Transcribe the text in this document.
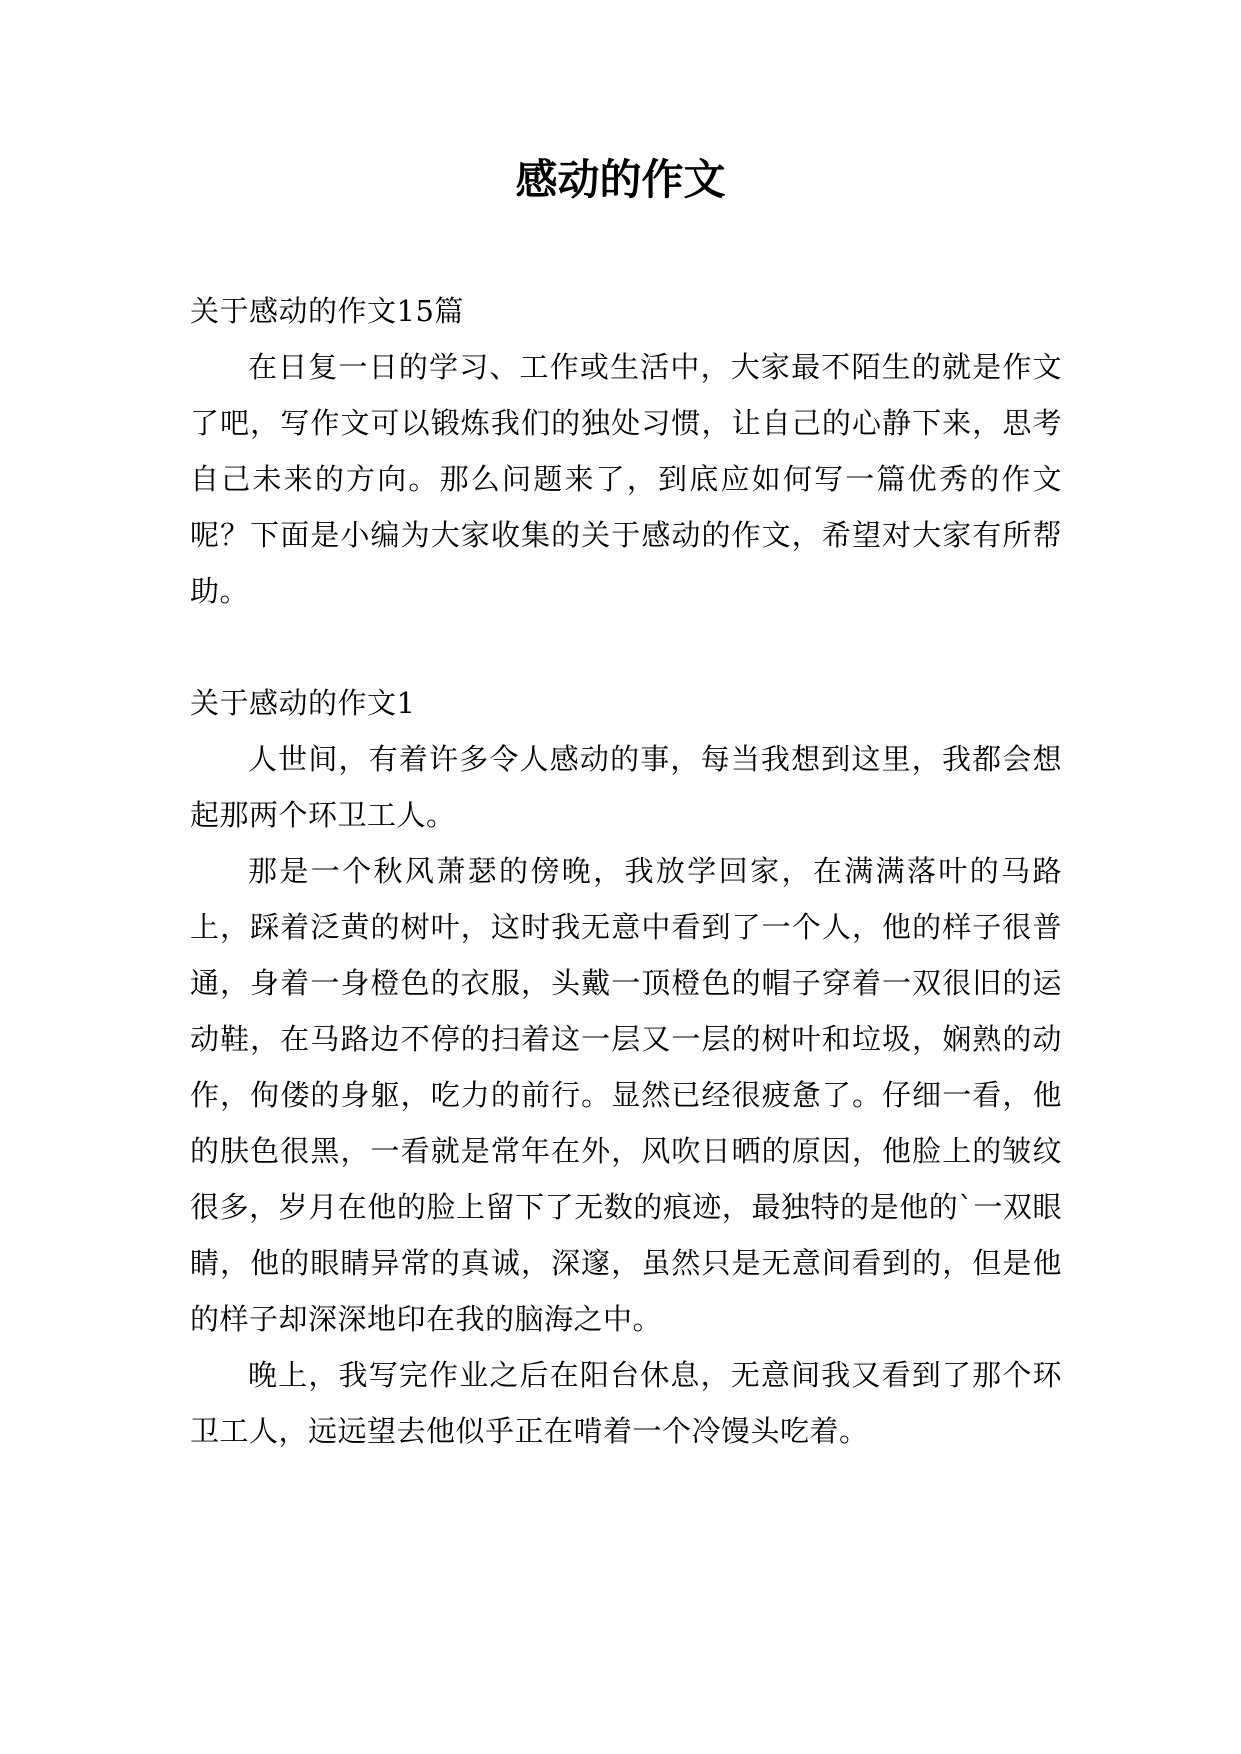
感动的作文

关于感动的作文15篇

在日复一日的学习、工作或生活中，大家最不陌生的就是作文了吧，写作文可以锻炼我们的独处习惯，让自己的心静下来，思考自己未来的方向。那么问题来了，到底应如何写一篇优秀的作文呢？下面是小编为大家收集的关于感动的作文，希望对大家有所帮助。

关于感动的作文1

人世间，有着许多令人感动的事，每当我想到这里，我都会想起那两个环卫工人。

那是一个秋风萧瑟的傍晚，我放学回家，在满满落叶的马路上，踩着泛黄的树叶，这时我无意中看到了一个人，他的样子很普通，身着一身橙色的衣服，头戴一顶橙色的帽子穿着一双很旧的运动鞋，在马路边不停的扫着这一层又一层的树叶和垃圾，娴熟的动作，佝偻的身躯，吃力的前行。显然已经很疲惫了。仔细一看，他的肤色很黑，一看就是常年在外，风吹日晒的原因，他脸上的皱纹很多，岁月在他的脸上留下了无数的痕迹，最独特的是他的`一双眼睛，他的眼睛异常的真诚，深邃，虽然只是无意间看到的，但是他的样子却深深地印在我的脑海之中。

晚上，我写完作业之后在阳台休息，无意间我又看到了那个环卫工人，远远望去他似乎正在啃着一个冷馒头吃着。
